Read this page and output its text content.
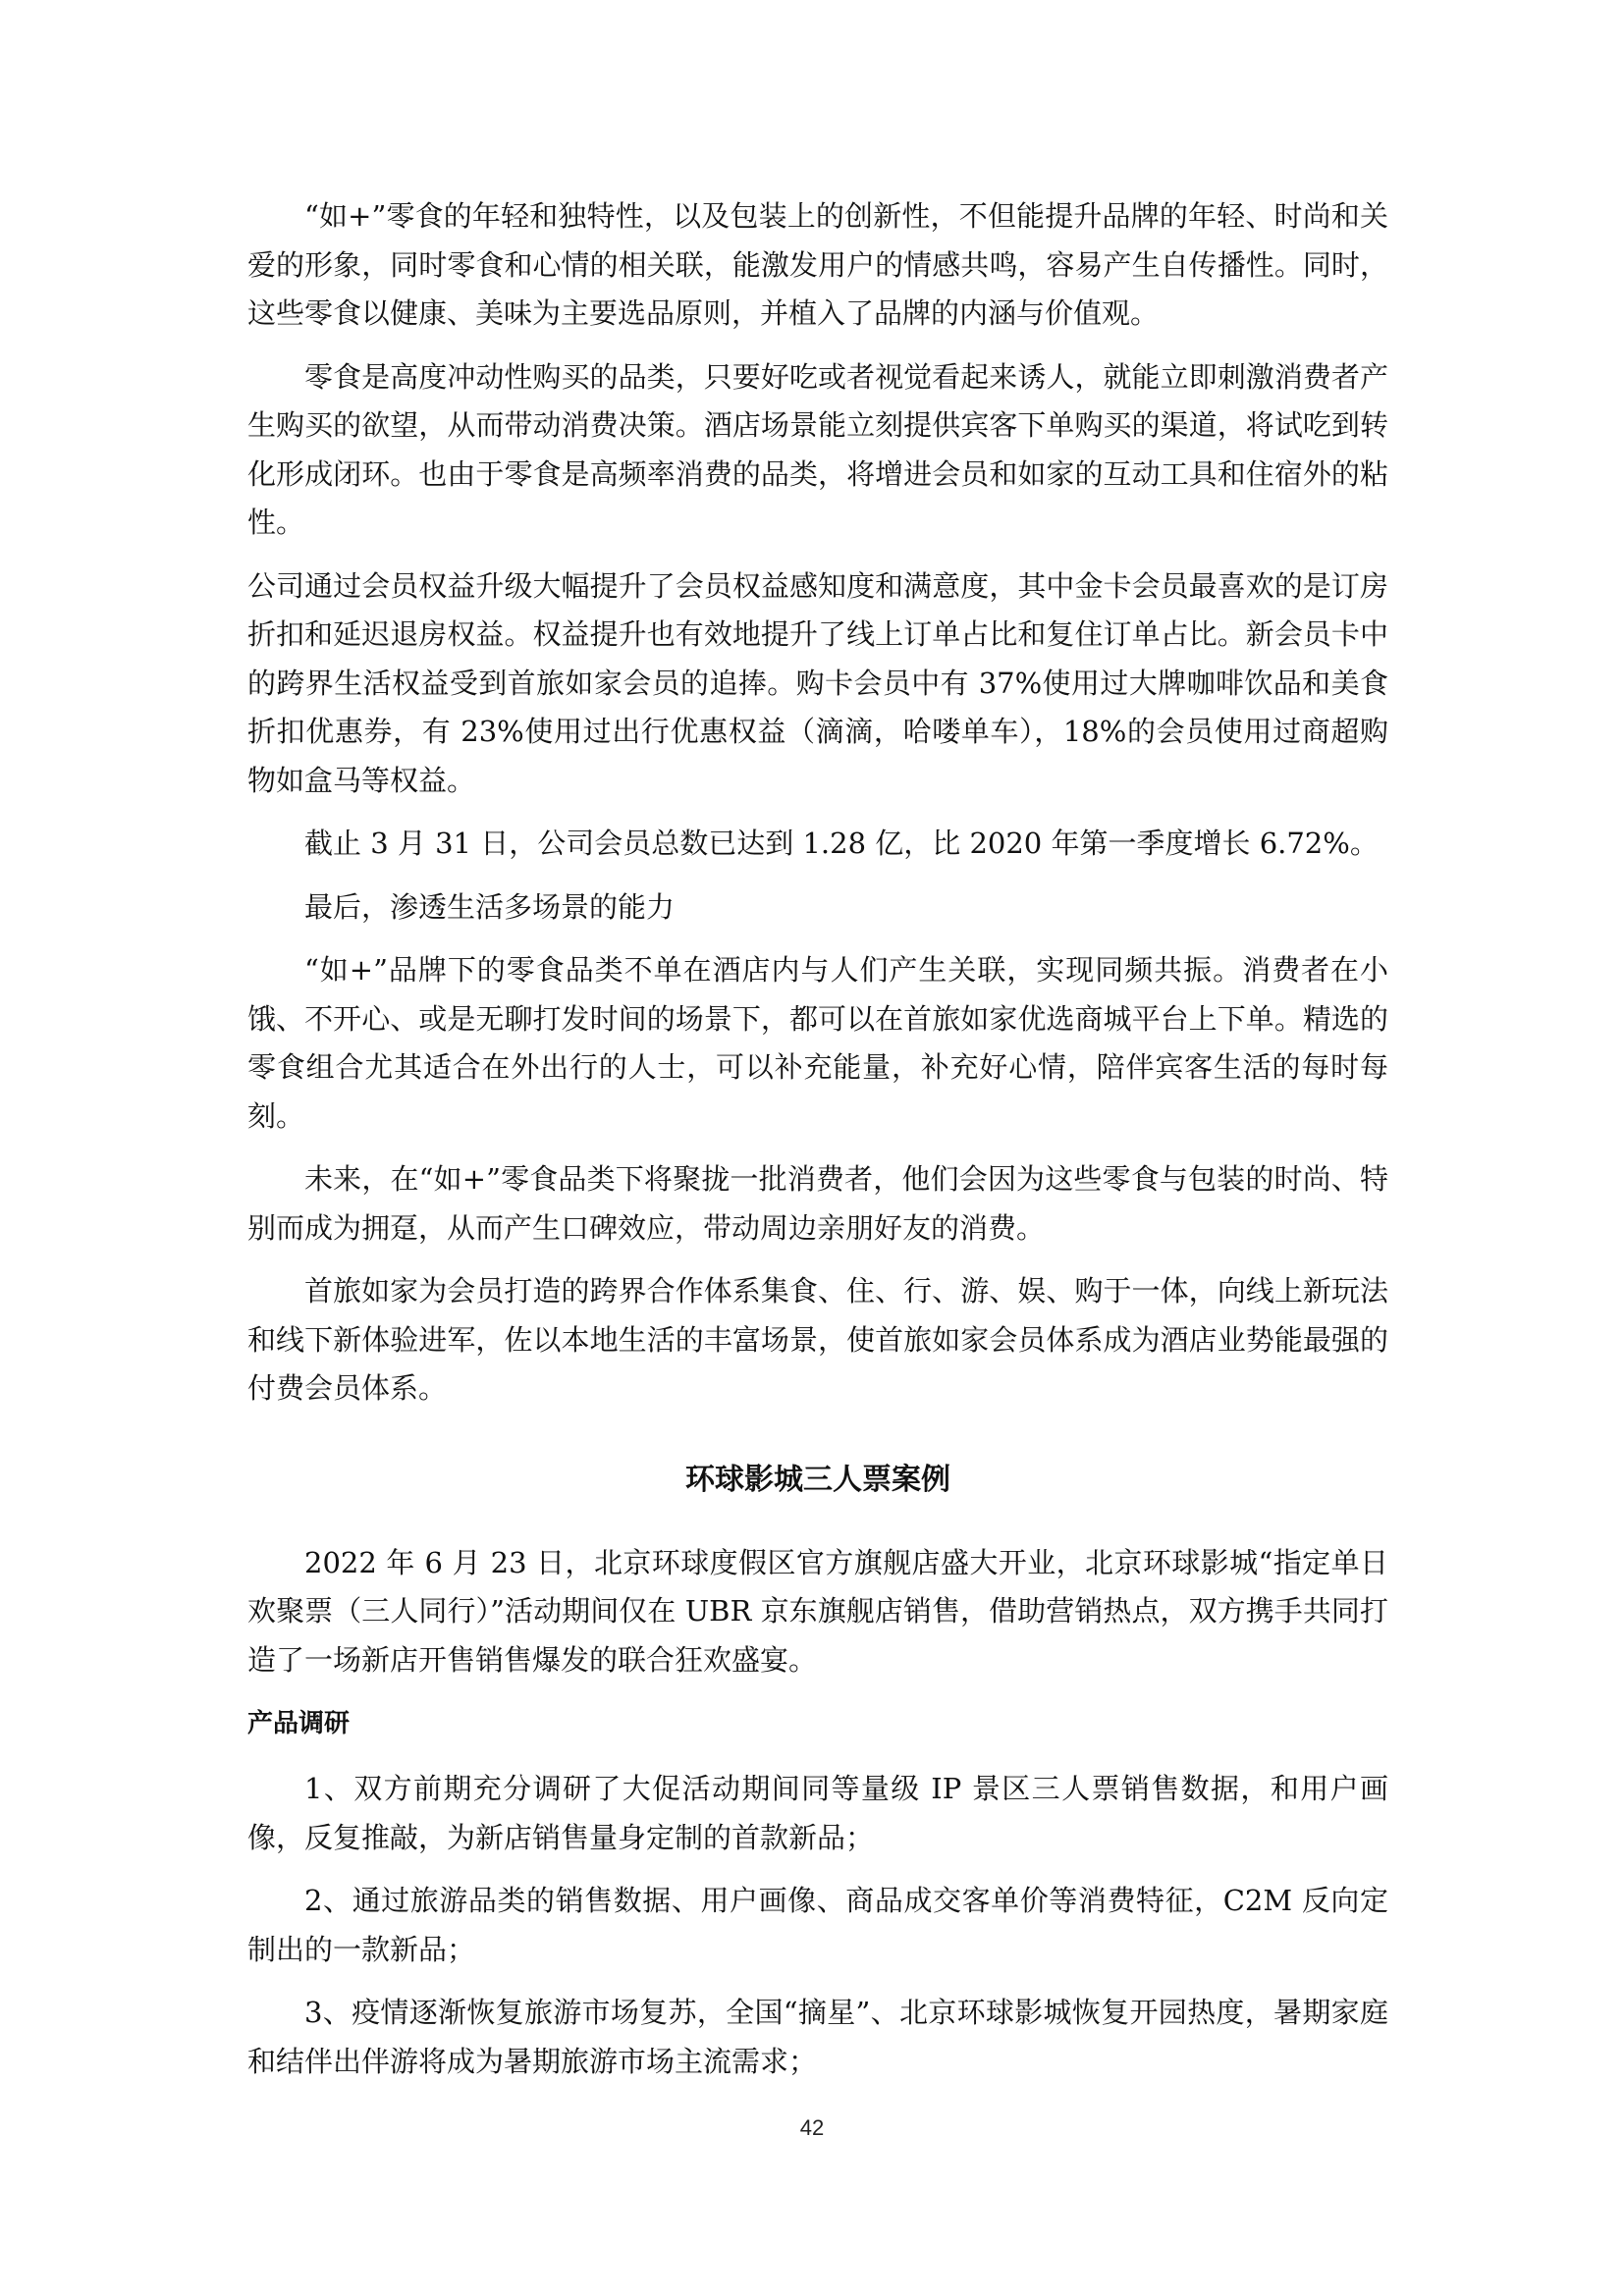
“如+”零食的年轻和独特性，以及包装上的创新性，不但能提升品牌的年轻、时尚和关爱的形象，同时零食和心情的相关联，能激发用户的情感共鸣，容易产生自传播性。同时，这些零食以健康、美味为主要选品原则，并植入了品牌的内涵与价值观。

零食是高度冲动性购买的品类，只要好吃或者视觉看起来诱人，就能立即刺激消费者产生购买的欲望，从而带动消费决策。酒店场景能立刻提供宾客下单购买的渠道，将试吃到转化形成闭环。也由于零食是高频率消费的品类，将增进会员和如家的互动工具和住宿外的粘性。

公司通过会员权益升级大幅提升了会员权益感知度和满意度，其中金卡会员最喜欢的是订房折扣和延迟退房权益。权益提升也有效地提升了线上订单占比和复住订单占比。新会员卡中的跨界生活权益受到首旅如家会员的追捧。购卡会员中有 37%使用过大牌咖啡饮品和美食折扣优惠券，有 23%使用过出行优惠权益（滴滴，哈喽单车），18%的会员使用过商超购物如盒马等权益。

截止 3 月 31 日，公司会员总数已达到 1.28 亿，比 2020 年第一季度增长 6.72%。

最后，渗透生活多场景的能力

“如+”品牌下的零食品类不单在酒店内与人们产生关联，实现同频共振。消费者在小饿、不开心、或是无聊打发时间的场景下，都可以在首旅如家优选商城平台上下单。精选的零食组合尤其适合在外出行的人士，可以补充能量，补充好心情，陪伴宾客生活的每时每刻。

未来，在“如+”零食品类下将聚拢一批消费者，他们会因为这些零食与包装的时尚、特别而成为拥趸，从而产生口碑效应，带动周边亲朋好友的消费。

首旅如家为会员打造的跨界合作体系集食、住、行、游、娱、购于一体，向线上新玩法和线下新体验进军，佐以本地生活的丰富场景，使首旅如家会员体系成为酒店业势能最强的付费会员体系。

环球影城三人票案例

2022 年 6 月 23 日，北京环球度假区官方旗舰店盛大开业，北京环球影城“指定单日欢聚票（三人同行）”活动期间仅在 UBR 京东旗舰店销售，借助营销热点，双方携手共同打造了一场新店开售销售爆发的联合狂欢盛宴。

产品调研

1、双方前期充分调研了大促活动期间同等量级 IP 景区三人票销售数据，和用户画像，反复推敲，为新店销售量身定制的首款新品；

2、通过旅游品类的销售数据、用户画像、商品成交客单价等消费特征，C2M 反向定制出的一款新品；

3、疫情逐渐恢复旅游市场复苏，全国“摘星”、北京环球影城恢复开园热度，暑期家庭和结伴出伴游将成为暑期旅游市场主流需求；

42
